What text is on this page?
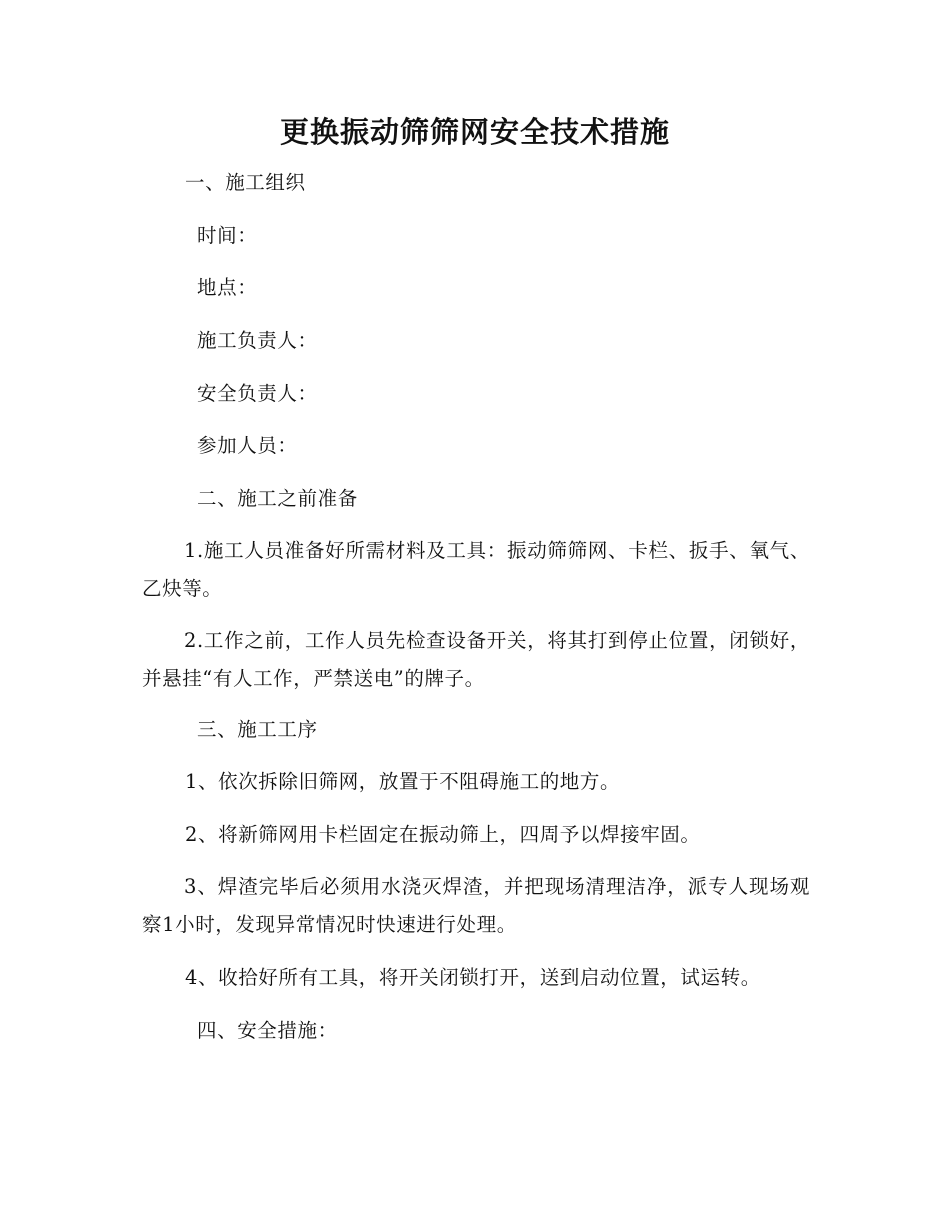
更换振动筛筛网安全技术措施
一、施工组织
时间：
地点：
施工负责人：
安全负责人：
参加人员：
二、施工之前准备
1.施工人员准备好所需材料及工具：振动筛筛网、卡栏、扳手、氧气、乙炔等。
2.工作之前，工作人员先检查设备开关，将其打到停止位置，闭锁好，并悬挂“有人工作，严禁送电”的牌子。
三、施工工序
1、依次拆除旧筛网，放置于不阻碍施工的地方。
2、将新筛网用卡栏固定在振动筛上，四周予以焊接牢固。
3、焊渣完毕后必须用水浇灭焊渣，并把现场清理洁净，派专人现场观察1小时，发现异常情况时快速进行处理。
4、收拾好所有工具，将开关闭锁打开，送到启动位置，试运转。
四、安全措施：
